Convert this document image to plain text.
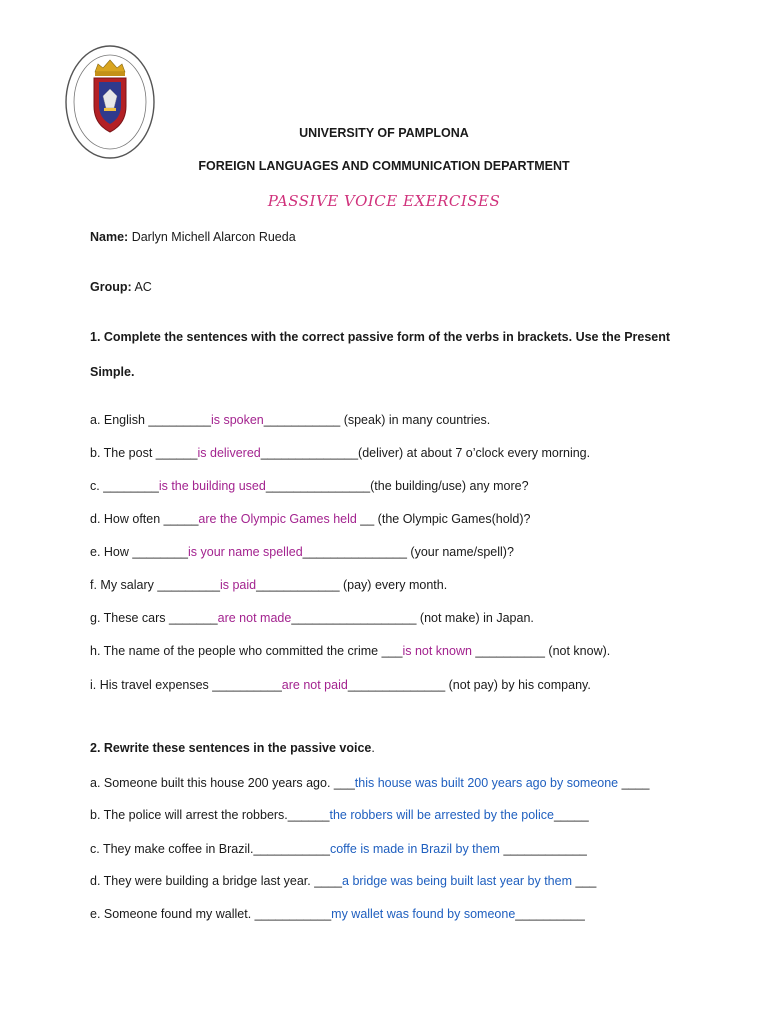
UNIVERSITY OF PAMPLONA
FOREIGN LANGUAGES AND COMMUNICATION DEPARTMENT
PASSIVE VOICE EXERCISES
Name: Darlyn Michell Alarcon Rueda
Group: AC
1. Complete the sentences with the correct passive form of the verbs in brackets. Use the Present
Simple.
a. English _________is spoken___________ (speak) in many countries.
b. The post ______is delivered______________(deliver) at about 7 o’clock every morning.
c. ________is the building used_______________(the building/use) any more?
d. How often _____are the Olympic Games held __ (the Olympic Games(hold)?
e. How ________is your name spelled_______________ (your name/spell)?
f. My salary _________is paid____________ (pay) every month.
g. These cars _______are not made__________________ (not make) in Japan.
h. The name of the people who committed the crime ___is not known __________ (not know).
i. His travel expenses __________are not paid______________ (not pay) by his company.
2. Rewrite these sentences in the passive voice.
a. Someone built this house 200 years ago. ___this house was built 200 years ago by someone ____
b. The police will arrest the robbers.______the robbers will be arrested by the police_____
c. They make coffee in Brazil.___________coffe is made in Brazil by them ____________
d. They were building a bridge last year. ____a bridge was being built last year by them ___
e. Someone found my wallet. ___________my wallet was found by someone__________
